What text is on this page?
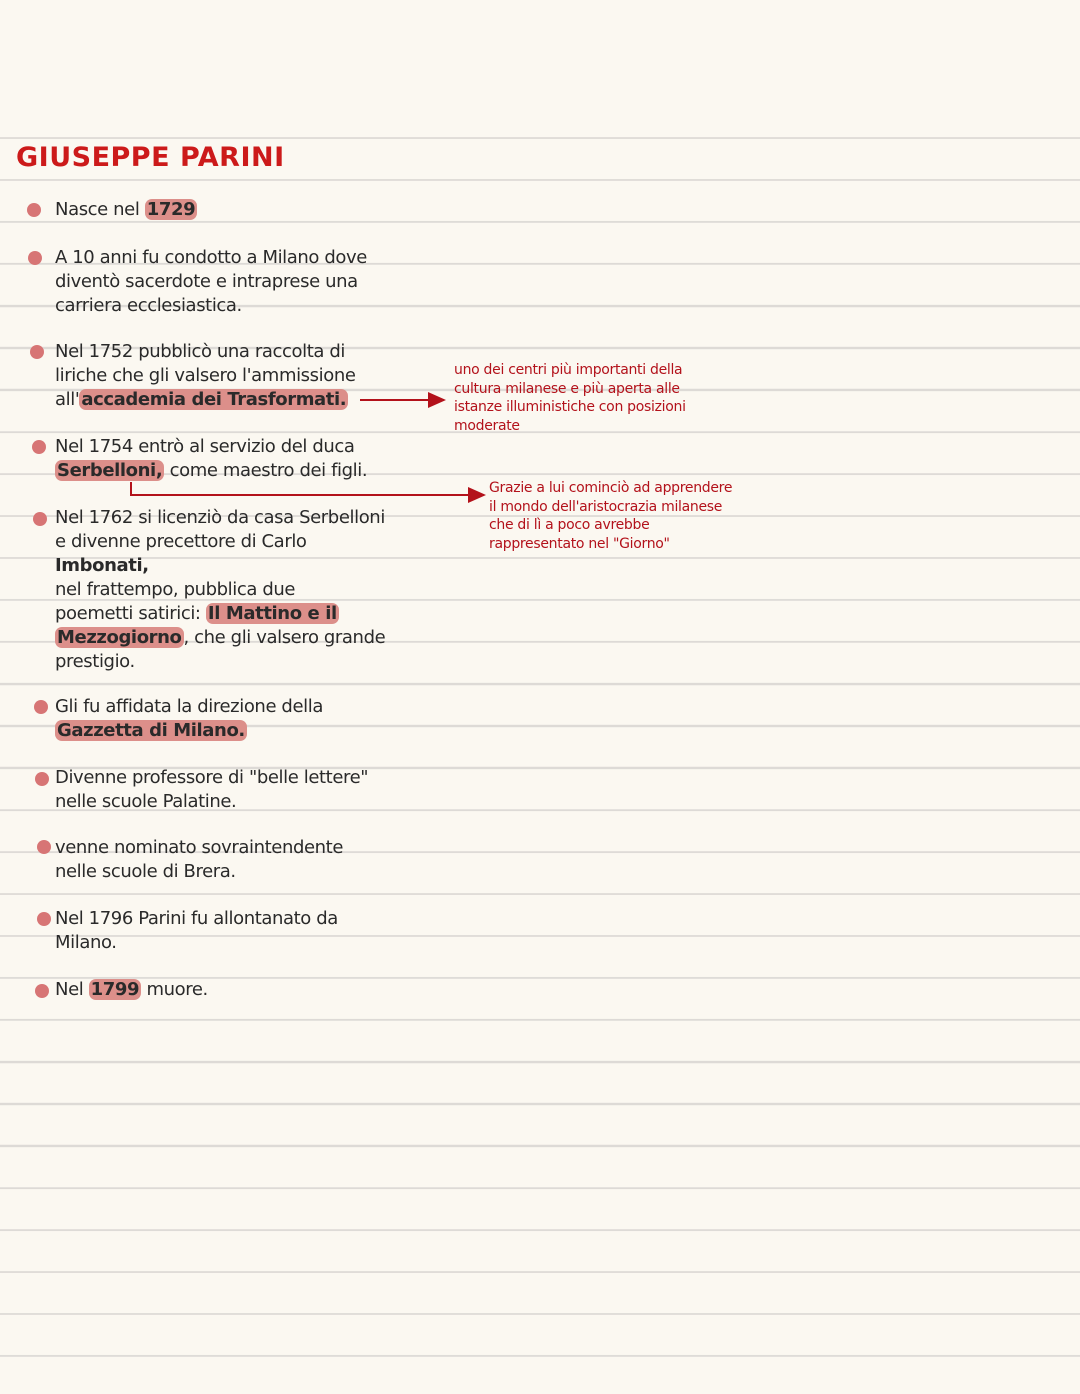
GIUSEPPE PARINI
Nasce nel 1729
A 10 anni fu condotto a Milano dove
diventò sacerdote e intraprese una
carriera ecclesiastica.
Nel 1752 pubblicò una raccolta di
liriche che gli valsero l'ammissione
all' accademia dei Trasformati.
Nel 1754 entrò al servizio del duca
Serbelloni, come maestro dei figli.
Nel 1762 si licenziò da casa Serbelloni
e divenne precettore di Carlo
Imbonati,
nel frattempo, pubblica due
poemetti satirici: Il Mattino e il
Mezzogiorno , che gli valsero grande
prestigio.
Gli fu affidata la direzione della
Gazzetta di Milano.
Divenne professore di "belle lettere"
nelle scuole Palatine.
venne nominato sovraintendente
nelle scuole di Brera.
Nel 1796 Parini fu allontanato da
Milano.
Nel 1799 muore.
uno dei centri più importanti della
cultura milanese e più aperta alle
istanze illuministiche con posizioni
moderate
Grazie a lui cominciò ad apprendere
il mondo dell'aristocrazia milanese
che di lì a poco avrebbe
rappresentato nel "Giorno"
